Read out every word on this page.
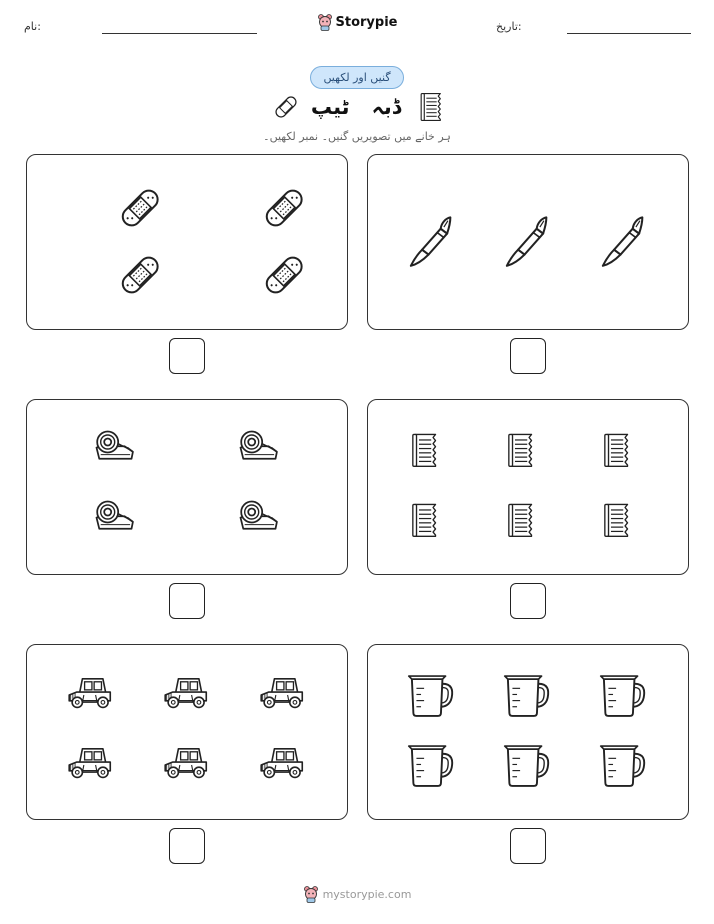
نام:	Storypie	تاریخ:
گنیں اور لکھیں
ٹیپ ڈبہ
ہر خانے میں تصویریں گنیں۔ نمبر لکھیں۔
mystorypie.com
